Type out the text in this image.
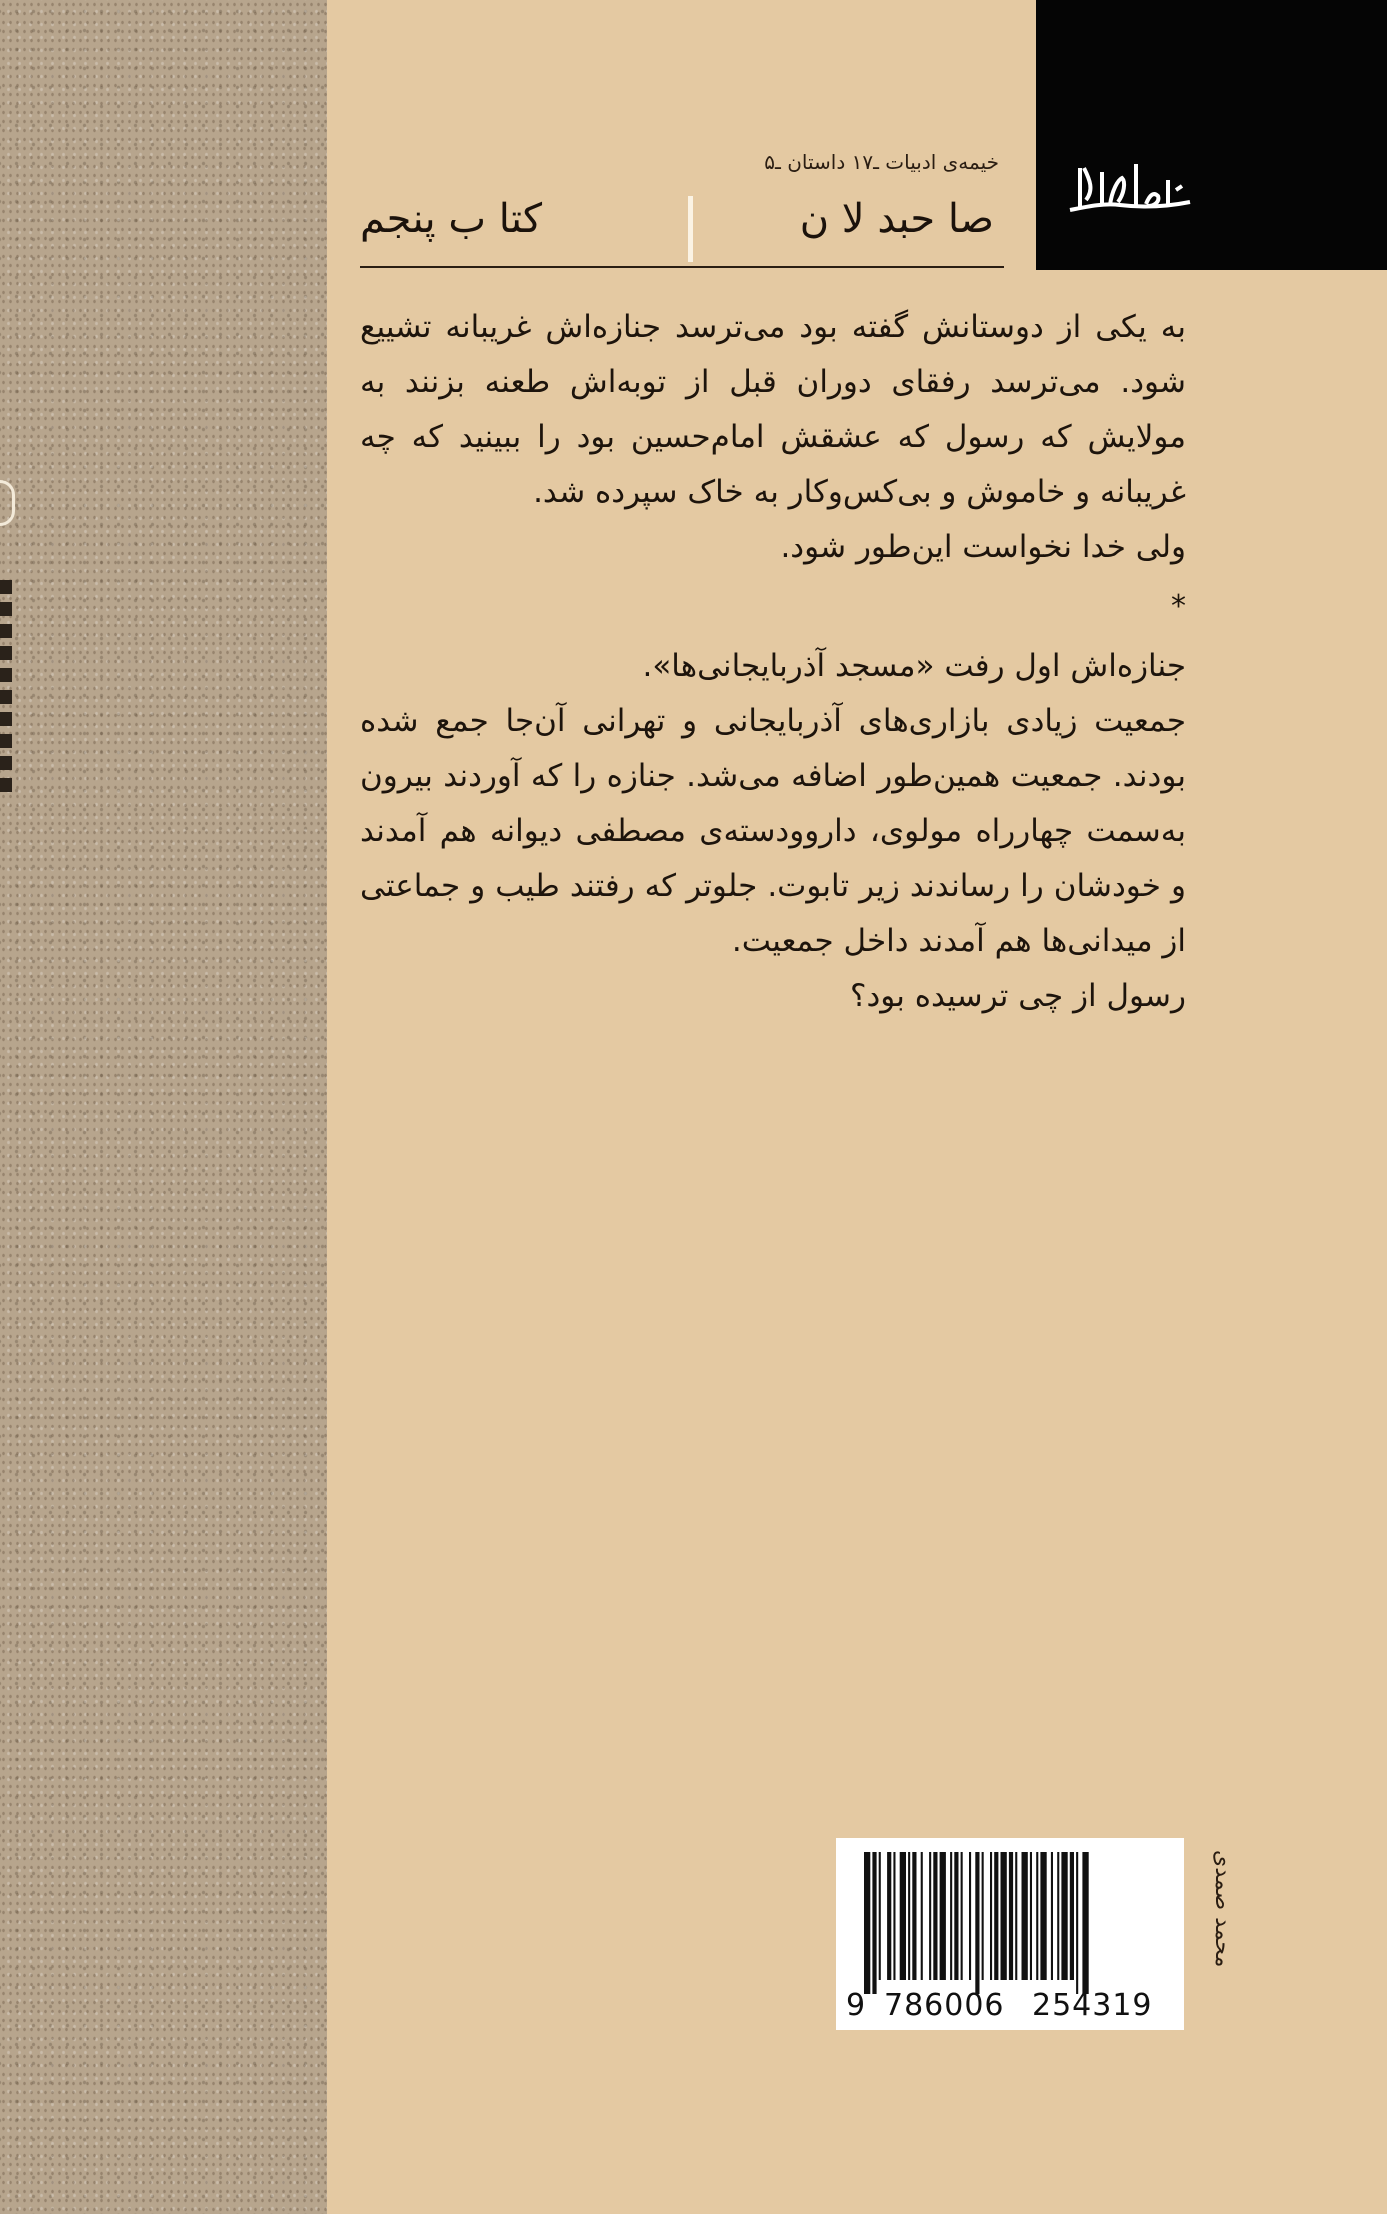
خیمه‌ی ادبیات ـ۱۷ داستان ـ۵
صا حبد لا ن
کتا ب پنجم

به یکی از دوستانش گفته بود می‌ترسد جنازه‌اش غریبانه تشییع شود. می‌ترسد رفقای دوران قبل از توبه‌اش طعنه بزنند به مولایش که رسول که عشقش امام‌حسین بود را ببینید که چه غریبانه و خاموش و بی‌کس‌وکار به خاک سپرده شد.

ولی خدا نخواست این‌طور شود.

*

جنازه‌اش اول رفت «مسجد آذربایجانی‌ها».

جمعیت زیادی بازاری‌های آذربایجانی و تهرانی آن‌جا جمع شده بودند. جمعیت همین‌طور اضافه می‌شد. جنازه را که آوردند بیرون به‌سمت چهارراه مولوی، داروودسته‌ی مصطفی دیوانه هم آمدند و خودشان را رساندند زیر تابوت. جلوتر که رفتند طیب و جماعتی از میدانی‌ها هم آمدند داخل جمعیت.

رسول از چی ترسیده بود؟

9 786006 254319
محمد صمدی
